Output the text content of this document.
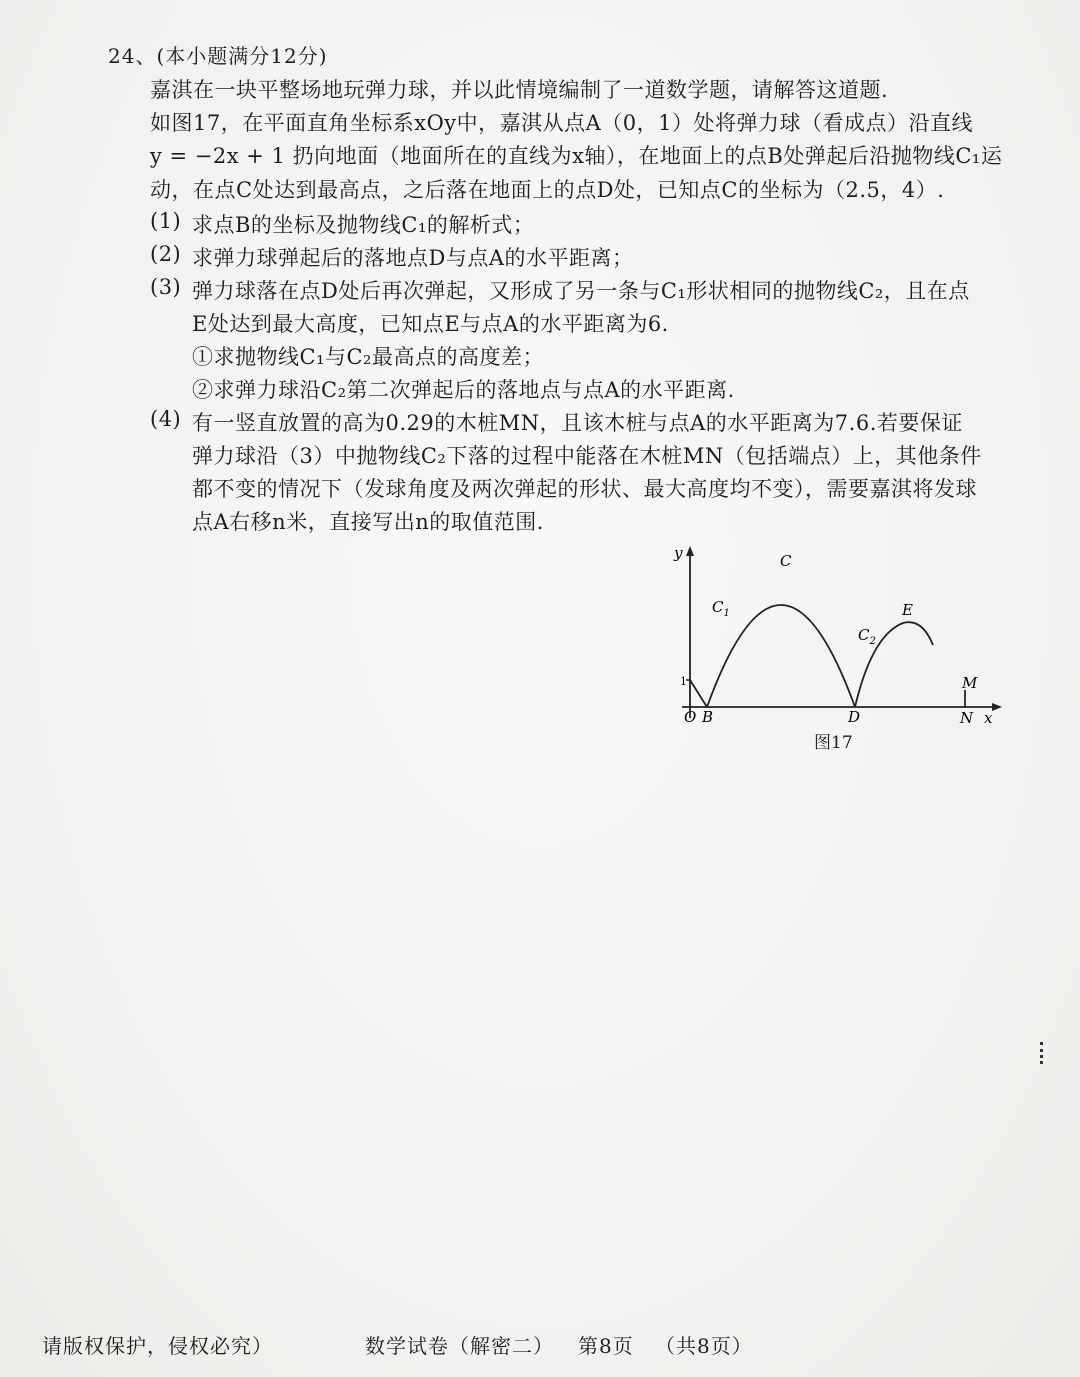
24、(本小题满分12分)
嘉淇在一块平整场地玩弹力球，并以此情境编制了一道数学题，请解答这道题.
如图17，在平面直角坐标系xOy中，嘉淇从点A（0，1）处将弹力球（看成点）沿直线
y = −2x + 1 扔向地面（地面所在的直线为x轴），在地面上的点B处弹起后沿抛物线C₁运
动，在点C处达到最高点，之后落在地面上的点D处，已知点C的坐标为（2.5，4）.
(1) 求点B的坐标及抛物线C₁的解析式；
(2) 求弹力球弹起后的落地点D与点A的水平距离；
(3) 弹力球落在点D处后再次弹起，又形成了另一条与C₁形状相同的抛物线C₂，且在点
E处达到最大高度，已知点E与点A的水平距离为6.
①求抛物线C₁与C₂最高点的高度差；
②求弹力球沿C₂第二次弹起后的落地点与点A的水平距离.
(4) 有一竖直放置的高为0.29的木桩MN，且该木桩与点A的水平距离为7.6.若要保证
弹力球沿（3）中抛物线C₂下落的过程中能落在木桩MN（包括端点）上，其他条件
都不变的情况下（发球角度及两次弹起的形状、最大高度均不变），需要嘉淇将发球
点A右移n米，直接写出n的取值范围.
y
1
O B
C
$C_1$
$C_2$
E
D
M
N x
图17
请版权保护，侵权必究）	数学试卷（解密二） 第8页 （共8页）
